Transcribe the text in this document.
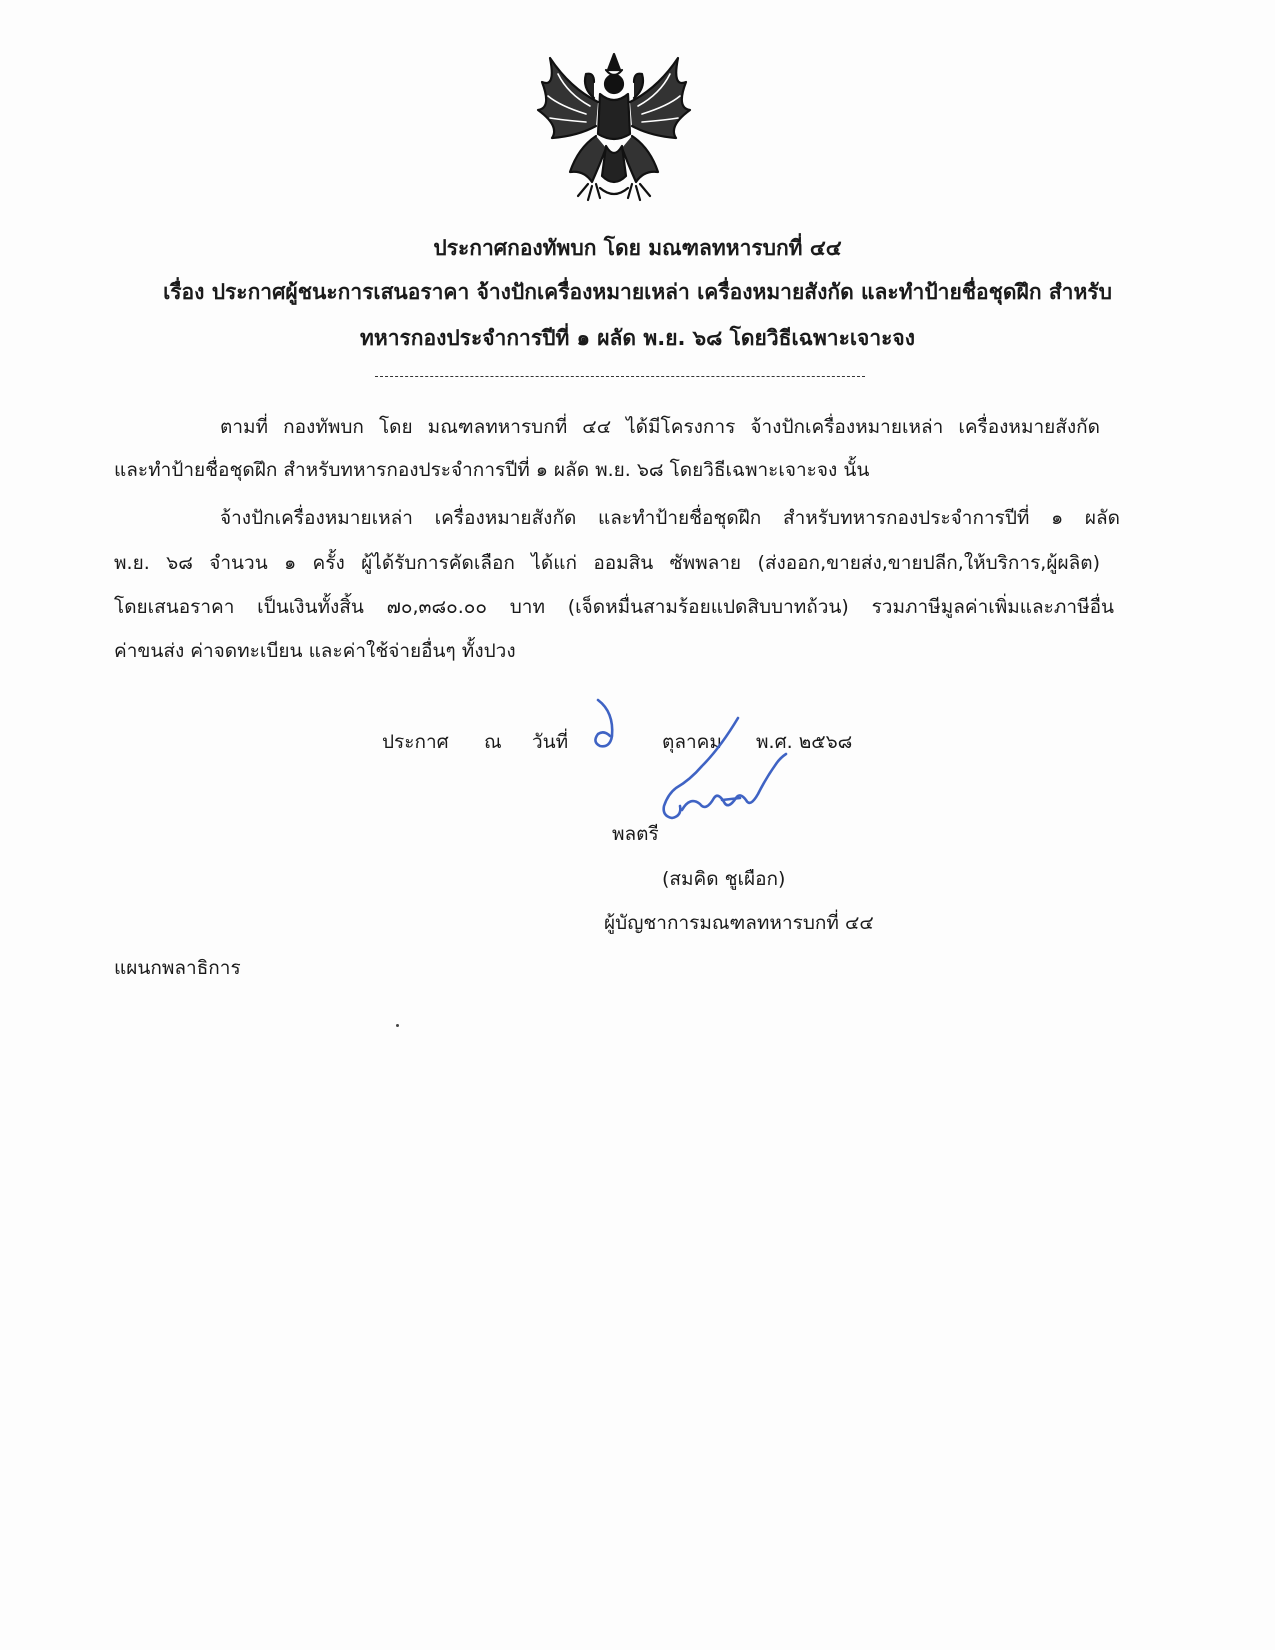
ประกาศกองทัพบก โดย มณฑลทหารบกที่ ๔๔
เรื่อง ประกาศผู้ชนะการเสนอราคา จ้างปักเครื่องหมายเหล่า เครื่องหมายสังกัด และทำป้ายชื่อชุดฝึก สำหรับ
ทหารกองประจำการปีที่ ๑ ผลัด พ.ย. ๖๘ โดยวิธีเฉพาะเจาะจง
ตามที่ กองทัพบก โดย มณฑลทหารบกที่ ๔๔ ได้มีโครงการ จ้างปักเครื่องหมายเหล่า เครื่องหมายสังกัด
และทำป้ายชื่อชุดฝึก สำหรับทหารกองประจำการปีที่ ๑ ผลัด พ.ย. ๖๘ โดยวิธีเฉพาะเจาะจง นั้น
จ้างปักเครื่องหมายเหล่า เครื่องหมายสังกัด และทำป้ายชื่อชุดฝึก สำหรับทหารกองประจำการปีที่ ๑ ผลัด
พ.ย. ๖๘ จำนวน ๑ ครั้ง ผู้ได้รับการคัดเลือก ได้แก่ ออมสิน ซัพพลาย (ส่งออก,ขายส่ง,ขายปลีก,ให้บริการ,ผู้ผลิต)
โดยเสนอราคา เป็นเงินทั้งสิ้น ๗๐,๓๘๐.๐๐ บาท (เจ็ดหมื่นสามร้อยแปดสิบบาทถ้วน) รวมภาษีมูลค่าเพิ่มและภาษีอื่น
ค่าขนส่ง ค่าจดทะเบียน และค่าใช้จ่ายอื่นๆ ทั้งปวง
ประกาศ ณ วันที่	ตุลาคม พ.ศ. ๒๕๖๘
พลตรี
(สมคิด ชูเผือก)
ผู้บัญชาการมณฑลทหารบกที่ ๔๔
แผนกพลาธิการ
